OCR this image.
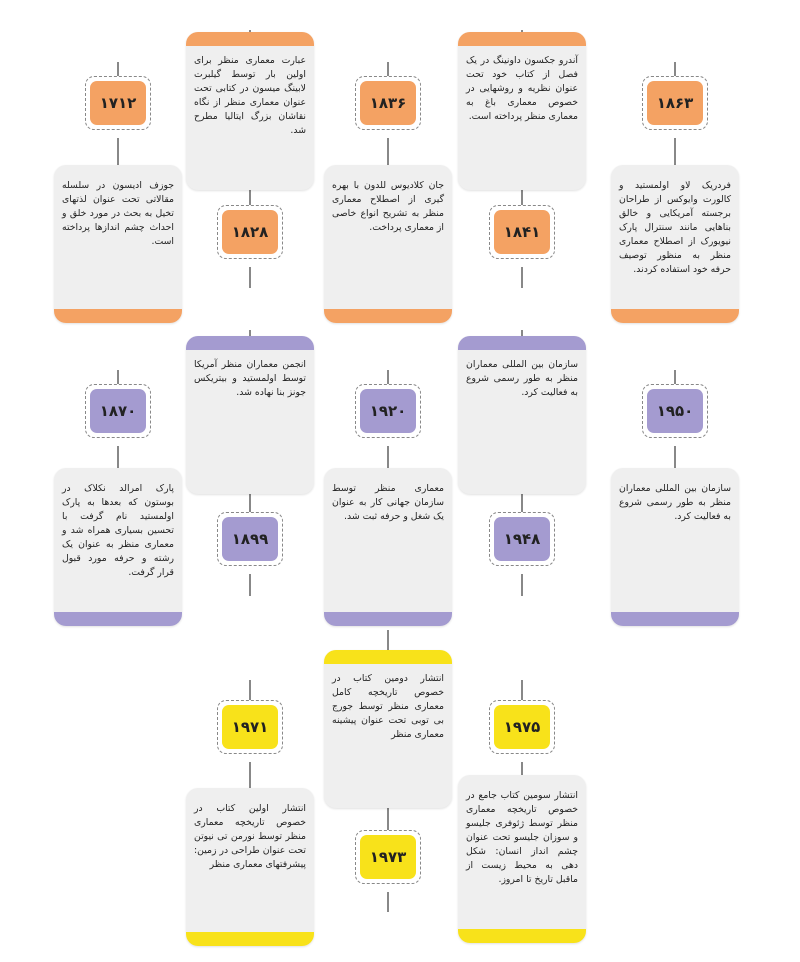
۱۷۱۲
جوزف ادیسون در سلسله مقالاتی تحت عنوان لذتهای تخیل به بحث در مورد خلق و احداث چشم اندازها پرداخته است.
عبارت معماری منظر برای اولین بار توسط گیلبرت لابینگ میسون در کتابی تحت عنوان معماری منظر از نگاه نقاشان بزرگ ایتالیا مطرح شد.
۱۸۲۸
۱۸۳۶
جان کلادیوس للدون با بهره گیری از اصطلاح معماری منظر به تشریح انواع خاصی از معماری پرداخت.
آندرو جکسون داونینگ در یک فصل از کتاب خود تحت عنوان نظریه و روشهایی در خصوص معماری باغ به معماری منظر پرداخته است.
۱۸۴۱
۱۸۶۳
فردریک لاو اولمستید و کالورت وایوکس از طراحان برجسته آمریکایی و خالق بناهایی مانند سنترال پارک نیویورک از اصطلاح معماری منظر به منظور توصیف حرفه خود استفاده کردند.
۱۸۷۰
پارک امرالد نکلاک در بوستون که بعدها به پارک اولمستید نام گرفت با تحسین بسیاری همراه شد و معماری منظر به عنوان یک رشته و حرفه مورد قبول قرار گرفت.
انجمن معماران منظر آمریکا توسط اولمستید و بیتریکس جونز بنا نهاده شد.
۱۸۹۹
۱۹۲۰
معماری منظر توسط سازمان جهانی کار به عنوان یک شغل و حرفه ثبت شد.
سازمان بین المللی معماران منظر به طور رسمی شروع به فعالیت کرد.
۱۹۴۸
۱۹۵۰
سازمان بین المللی معماران منظر به طور رسمی شروع به فعالیت کرد.
۱۹۷۱
انتشار اولین کتاب در خصوص تاریخچه معماری منظر توسط نورمن تی نیوتن تحت عنوان طراحی در زمین: پیشرفتهای معماری منظر
انتشار دومین کتاب در خصوص تاریخچه کامل معماری منظر توسط جورج بی توبی تحت عنوان پیشینه معماری منظر
۱۹۷۳
۱۹۷۵
انتشار سومین کتاب جامع در خصوص تاریخچه معماری منظر توسط ژئوفری جلیسو و سوزان جلیسو تحت عنوان چشم انداز انسان: شکل دهی به محیط زیست از ماقبل تاریخ تا امروز.
